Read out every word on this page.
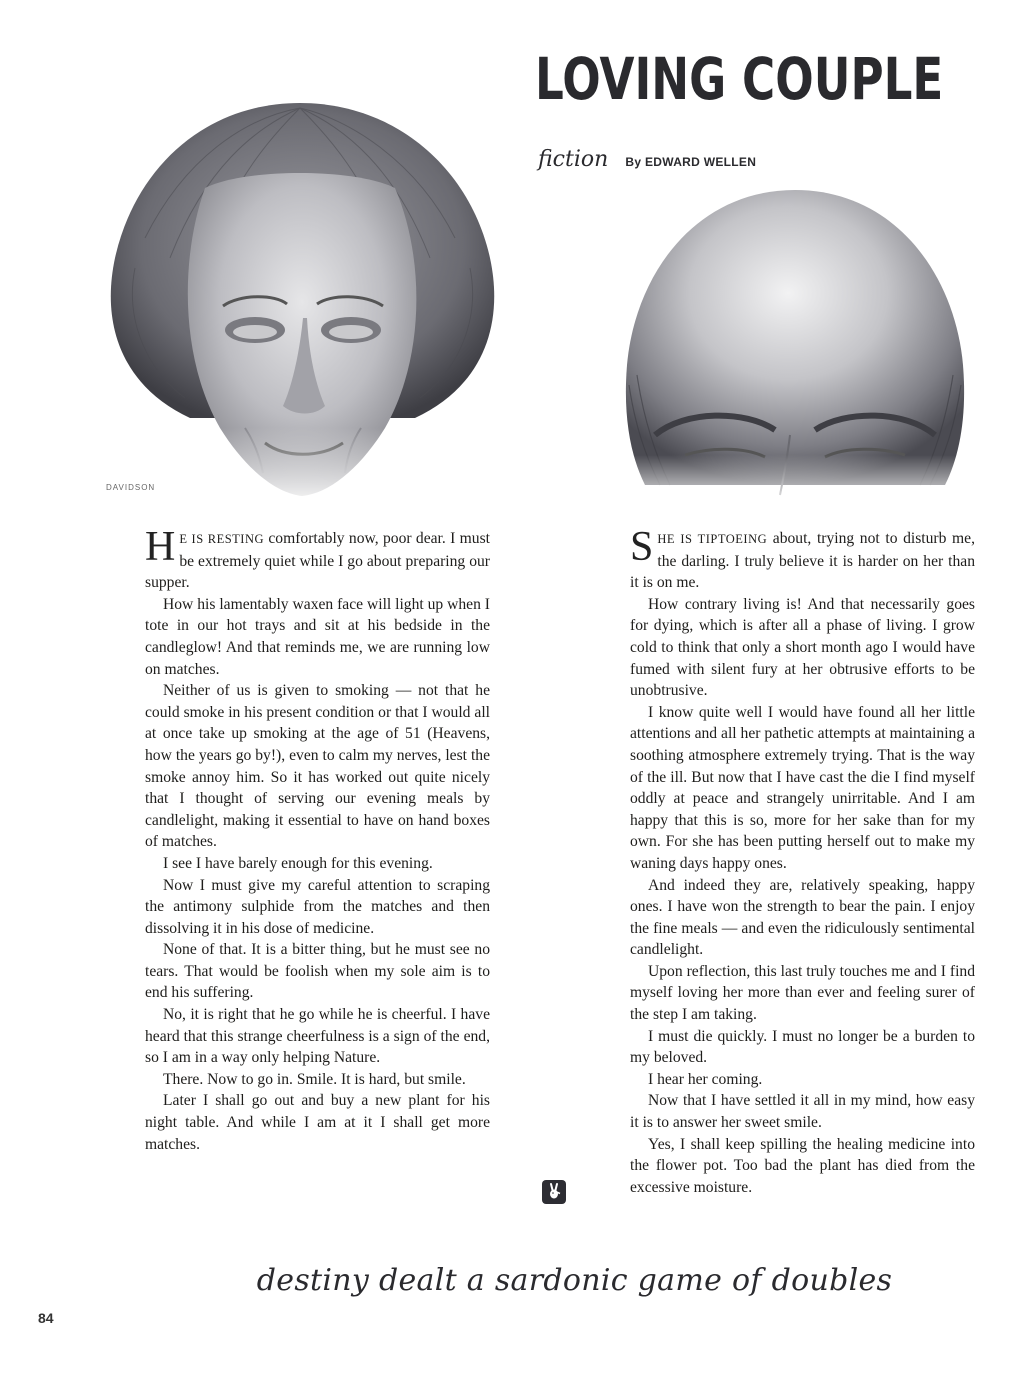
LOVING COUPLE
fiction By EDWARD WELLEN
DAVIDSON

H E IS RESTING comfortably now, poor dear. I must be extremely quiet while I go about preparing our supper.

How his lamentably waxen face will light up when I tote in our hot trays and sit at his bedside in the candleglow! And that reminds me, we are running low on matches.

Neither of us is given to smoking — not that he could smoke in his present condition or that I would all at once take up smoking at the age of 51 (Heavens, how the years go by!), even to calm my nerves, lest the smoke annoy him. So it has worked out quite nicely that I thought of serving our evening meals by candlelight, making it essential to have on hand boxes of matches.

I see I have barely enough for this evening.

Now I must give my careful attention to scraping the antimony sulphide from the matches and then dissolving it in his dose of medicine.

None of that. It is a bitter thing, but he must see no tears. That would be foolish when my sole aim is to end his suffering.

No, it is right that he go while he is cheerful. I have heard that this strange cheerfulness is a sign of the end, so I am in a way only helping Nature.

There. Now to go in. Smile. It is hard, but smile.

Later I shall go out and buy a new plant for his night table. And while I am at it I shall get more matches.

SHE IS TIPTOEING about, trying not to disturb me, the darling. I truly believe it is harder on her than it is on me.

How contrary living is! And that necessarily goes for dying, which is after all a phase of living. I grow cold to think that only a short month ago I would have fumed with silent fury at her obtrusive efforts to be unobtrusive.

I know quite well I would have found all her little attentions and all her pathetic attempts at maintaining a soothing atmosphere extremely trying. That is the way of the ill. But now that I have cast the die I find myself oddly at peace and strangely unirritable. And I am happy that this is so, more for her sake than for my own. For she has been putting herself out to make my waning days happy ones.

And indeed they are, relatively speaking, happy ones. I have won the strength to bear the pain. I enjoy the fine meals — and even the ridiculously sentimental candlelight.

Upon reflection, this last truly touches me and I find myself loving her more than ever and feeling surer of the step I am taking.

I must die quickly. I must no longer be a burden to my beloved.

I hear her coming.

Now that I have settled it all in my mind, how easy it is to answer her sweet smile.

Yes, I shall keep spilling the healing medicine into the flower pot. Too bad the plant has died from the excessive moisture.

destiny dealt a sardonic game of doubles
84
